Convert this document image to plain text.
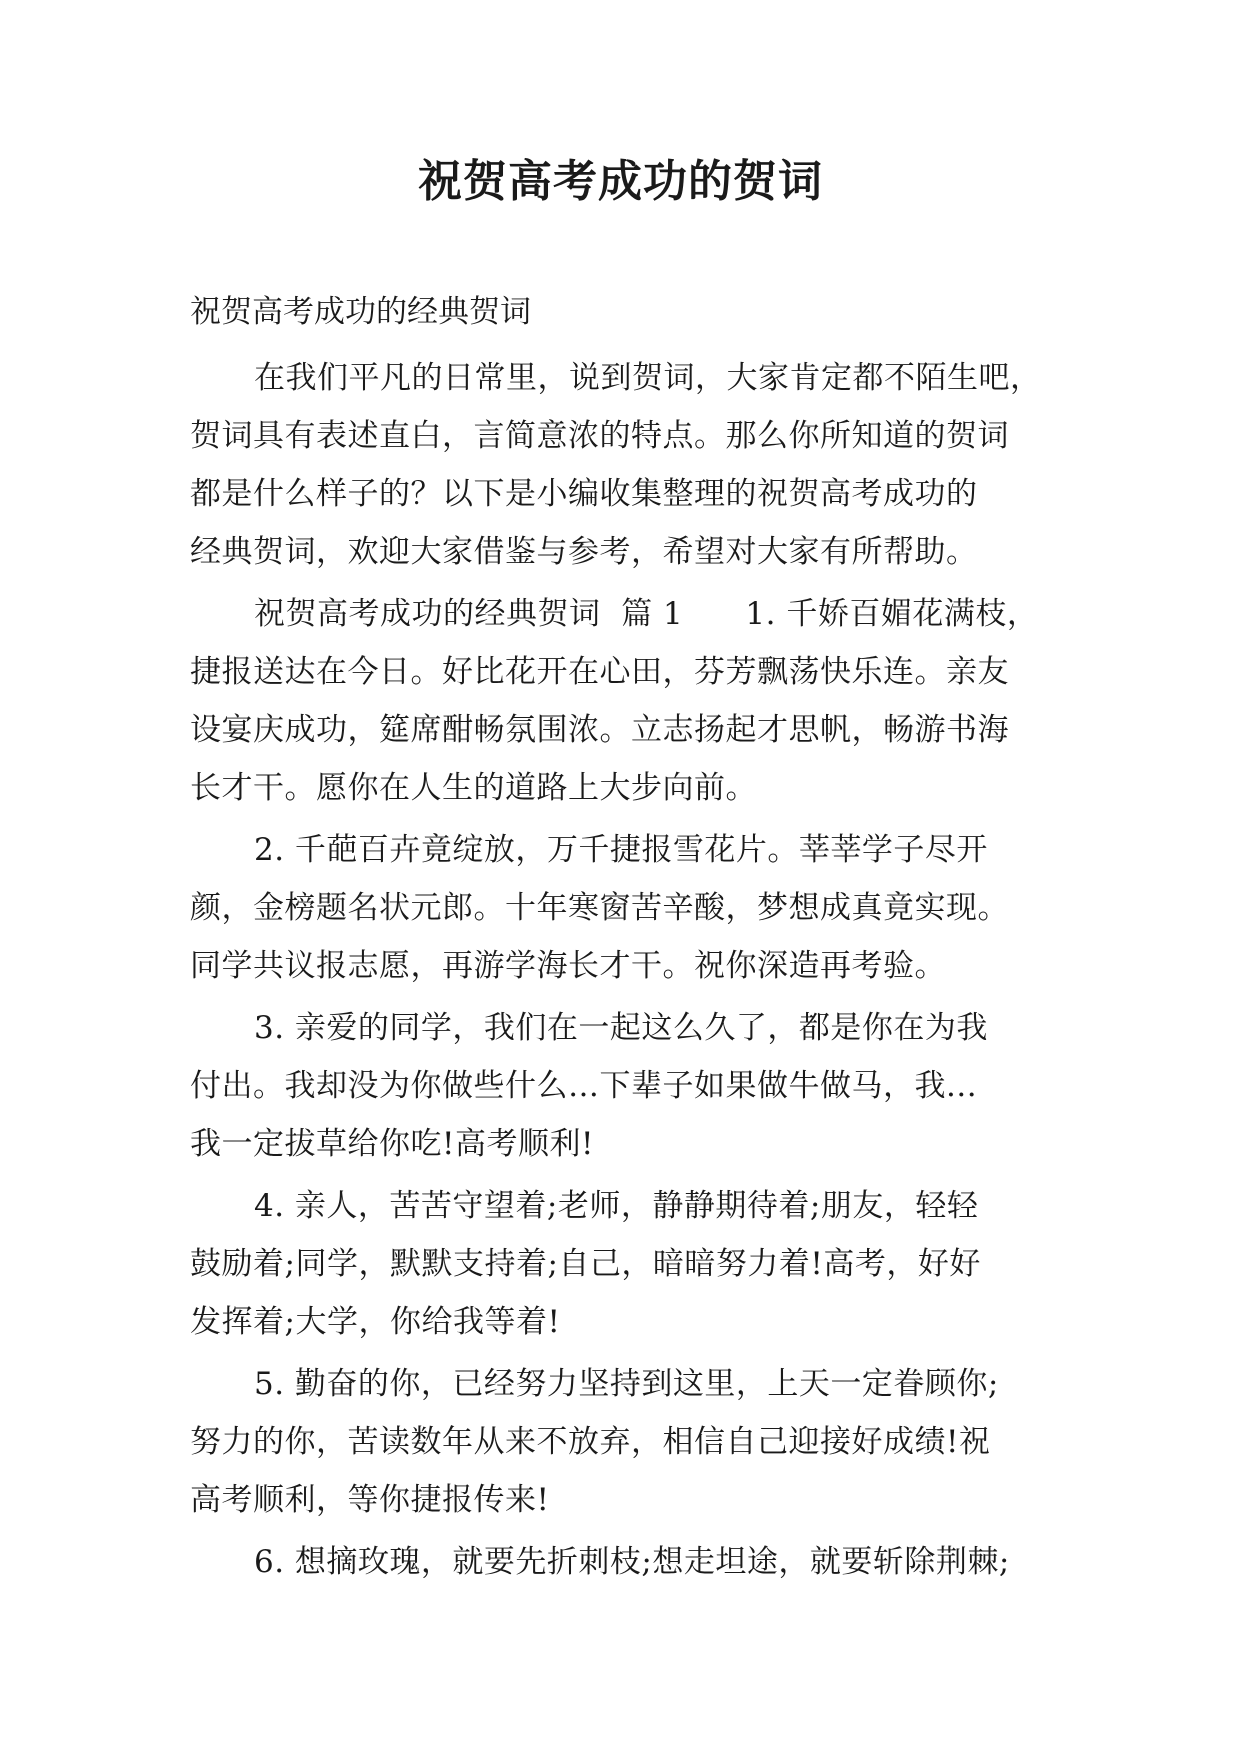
祝贺高考成功的贺词
祝贺高考成功的经典贺词
在我们平凡的日常里，说到贺词，大家肯定都不陌生吧，
贺词具有表述直白，言简意浓的特点。那么你所知道的贺词
都是什么样子的？以下是小编收集整理的祝贺高考成功的
经典贺词，欢迎大家借鉴与参考，希望对大家有所帮助。
祝贺高考成功的经典贺词  篇 1      1. 千娇百媚花满枝，
捷报送达在今日。好比花开在心田，芬芳飘荡快乐连。亲友
设宴庆成功，筵席酣畅氛围浓。立志扬起才思帆，畅游书海
长才干。愿你在人生的道路上大步向前。
2. 千葩百卉竟绽放，万千捷报雪花片。莘莘学子尽开
颜，金榜题名状元郎。十年寒窗苦辛酸，梦想成真竟实现。
同学共议报志愿，再游学海长才干。祝你深造再考验。
3. 亲爱的同学，我们在一起这么久了，都是你在为我
付出。我却没为你做些什么…下辈子如果做牛做马，我...
我一定拔草给你吃!高考顺利!
4. 亲人，苦苦守望着;老师，静静期待着;朋友，轻轻
鼓励着;同学，默默支持着;自己，暗暗努力着!高考，好好
发挥着;大学，你给我等着!
5. 勤奋的你，已经努力坚持到这里，上天一定眷顾你;
努力的你，苦读数年从来不放弃，相信自己迎接好成绩!祝
高考顺利，等你捷报传来!
6. 想摘玫瑰，就要先折刺枝;想走坦途，就要斩除荆棘;
